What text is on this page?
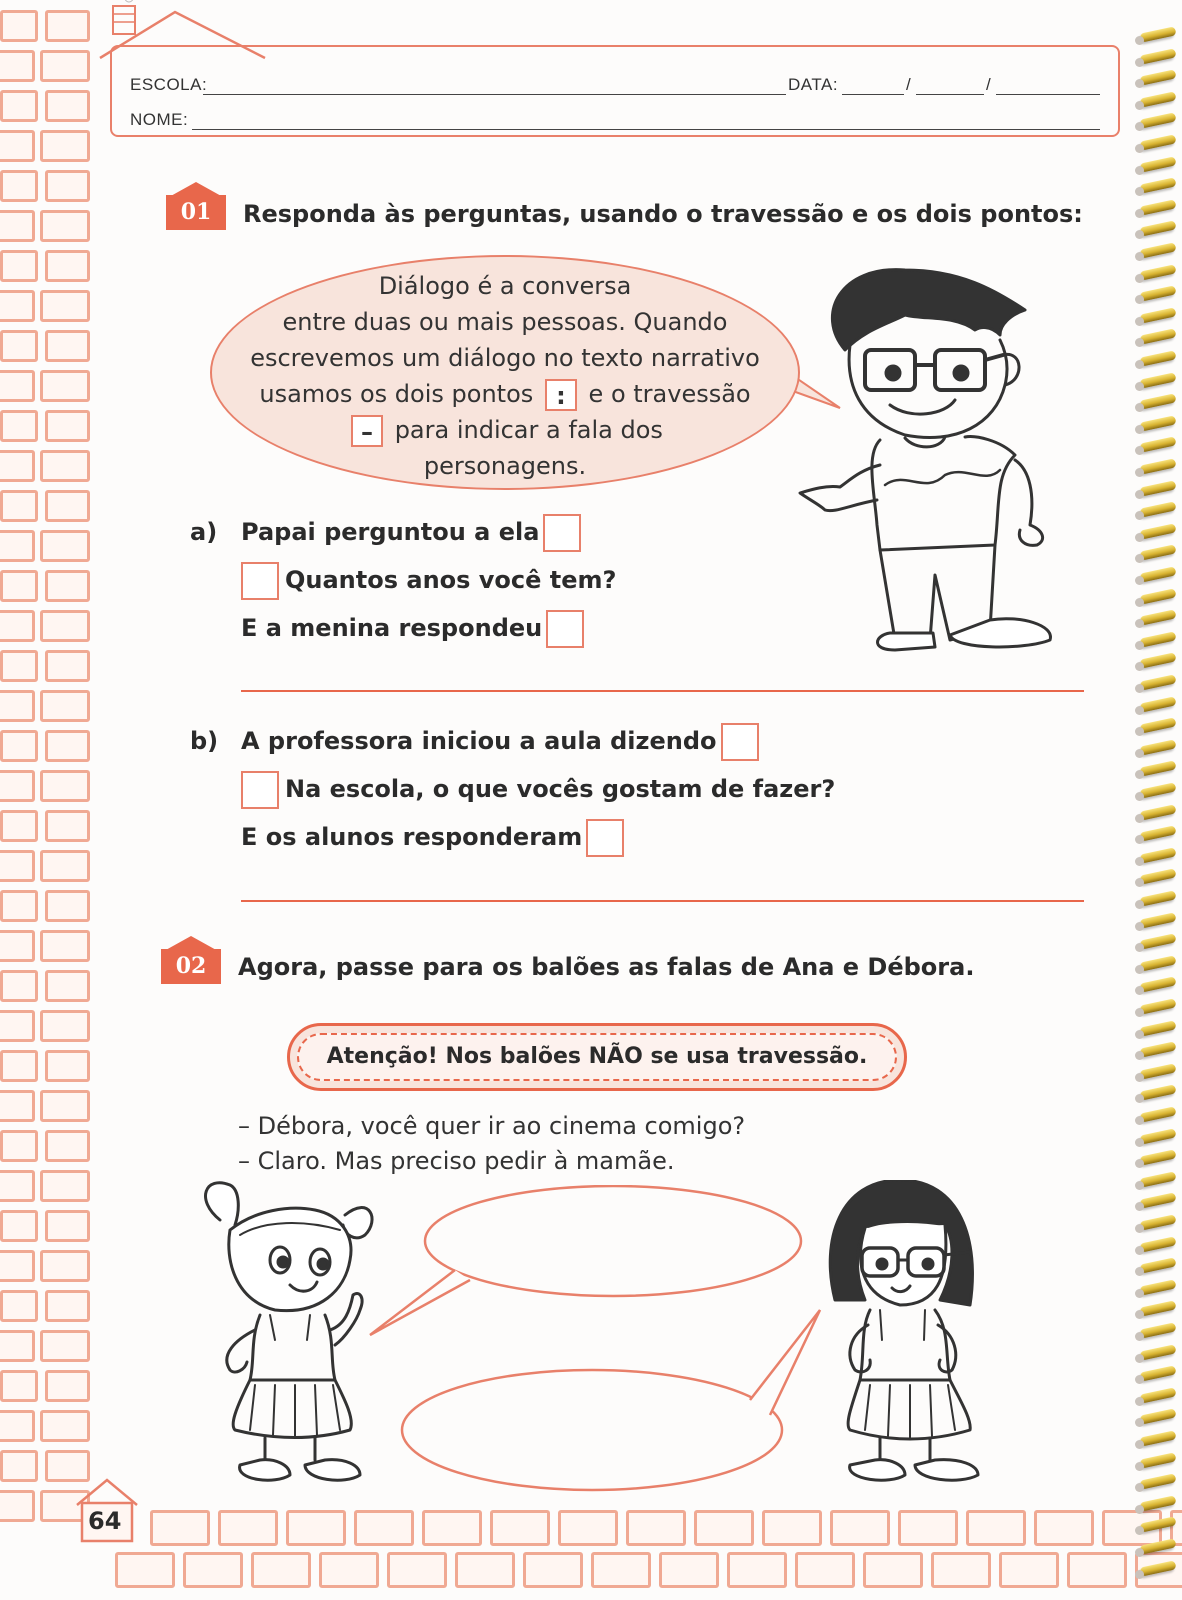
ESCOLA:	DATA:	/	/
NOME:
01	Responda às perguntas, usando o travessão e os dois pontos:
Diálogo é a conversa
entre duas ou mais pessoas. Quando
escrevemos um diálogo no texto narrativo
usamos os dois pontos : e o travessão
– para indicar a fala dos
personagens.
a) Papai perguntou a ela
Quantos anos você tem?
E a menina respondeu
b) A professora iniciou a aula dizendo
Na escola, o que vocês gostam de fazer?
E os alunos responderam
02	Agora, passe para os balões as falas de Ana e Débora.
Atenção! Nos balões NÃO se usa travessão.
– Débora, você quer ir ao cinema comigo?
– Claro. Mas preciso pedir à mamãe.
64
